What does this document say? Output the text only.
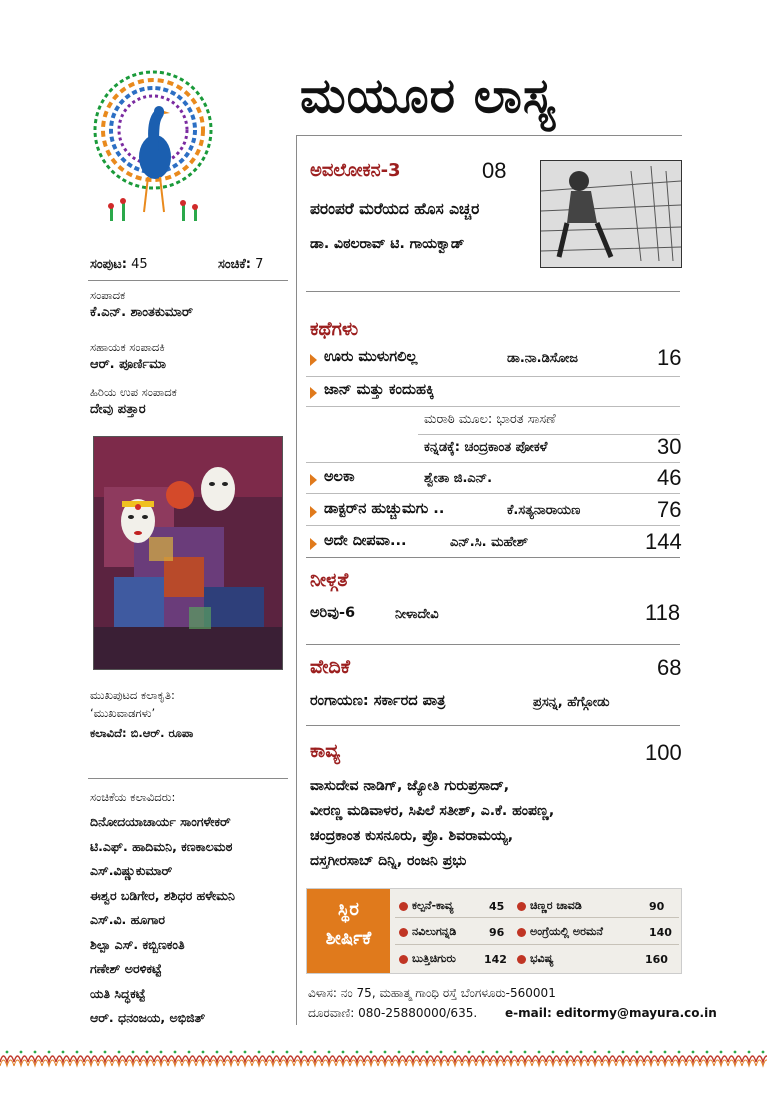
ಮಯೂರ ಲಾಸ್ಯ
ಸಂಪುಟ: 45	ಸಂಚಿಕೆ: 7
ಸಂಪಾದಕ
ಕೆ.ಎನ್. ಶಾಂತಕುಮಾರ್
ಸಹಾಯಕ ಸಂಪಾದಕಿ
ಆರ್. ಪೂರ್ಣಿಮಾ
ಹಿರಿಯ ಉಪ ಸಂಪಾದಕ
ದೇವು ಪತ್ತಾರ
ಮುಖಪುಟದ ಕಲಾಕೃತಿ:
‘ಮುಖವಾಡಗಳು’
ಕಲಾವಿದೆ: ಬಿ.ಆರ್. ರೂಪಾ
ಸಂಚಿಕೆಯ ಕಲಾವಿದರು:
ದಿನೋದಯಾಚಾರ್ಯ ಸಾಂಗಳೇಕರ್
ಟಿ.ಎಫ್. ಹಾದಿಮನಿ, ಕಣಕಾಲಮಠ
ಎಸ್.ವಿಷ್ಣುಕುಮಾರ್
ಈಶ್ವರ ಬಡಿಗೇರ, ಶಶಿಧರ ಹಳೇಮನಿ
ಎಸ್.ವಿ. ಹೂಗಾರ
ಶಿಲ್ಪಾ ಎಸ್. ಕಬ್ಬಿಣಕಂತಿ
ಗಣೇಶ್ ಅರಳಿಕಟ್ಟೆ
ಯತಿ ಸಿದ್ಧಕಟ್ಟೆ
ಆರ್. ಧನಂಜಯ, ಅಭಿಜಿತ್
ಅವಲೋಕನ-3	08
ಪರಂಪರೆ ಮರೆಯದ ಹೊಸ ಎಚ್ಚರ
ಡಾ. ವಿಠಲರಾವ್ ಟಿ. ಗಾಯಕ್ವಾಡ್
ಕಥೆಗಳು
ಊರು ಮುಳುಗಲಿಲ್ಲ	ಡಾ.ನಾ.ಡಿಸೋಜ	16
ಜಾನ್ ಮತ್ತು ಕಂದುಹಕ್ಕಿ
ಮರಾಠಿ ಮೂಲ: ಭಾರತ ಸಾಸಣೆ
ಕನ್ನಡಕ್ಕೆ: ಚಂದ್ರಕಾಂತ ಪೋಕಳೆ	30
ಅಲಕಾ	ಶ್ವೇತಾ ಜಿ.ಎನ್.	46
ಡಾಕ್ಟರ್‌ನ ಹುಚ್ಚುಮಗು ..	ಕೆ.ಸತ್ಯನಾರಾಯಣ	76
ಅದೇ ದೀಪವಾ...	ಎನ್.ಸಿ. ಮಹೇಶ್	144
ನೀಳ್ಗತೆ
ಅರಿವು-6	ನೀಳಾದೇವಿ	118
ವೇದಿಕೆ	68
ರಂಗಾಯಣ: ಸರ್ಕಾರದ ಪಾತ್ರ	ಪ್ರಸನ್ನ, ಹೆಗ್ಗೋಡು
ಕಾವ್ಯ	100
ವಾಸುದೇವ ನಾಡಿಗ್, ಜ್ಯೋತಿ ಗುರುಪ್ರಸಾದ್,
ವೀರಣ್ಣ ಮಡಿವಾಳರ, ಸಿಪಿಲೆ ಸತೀಶ್, ಎ.ಕೆ. ಹಂಪಣ್ಣ,
ಚಂದ್ರಕಾಂತ ಕುಸನೂರು, ಪ್ರೊ. ಶಿವರಾಮಯ್ಯ,
ದಸ್ತಗೀರಸಾಬ್ ದಿನ್ನಿ, ರಂಜನಿ ಪ್ರಭು
ಸ್ಥಿರ
ಶೀರ್ಷಿಕೆ
ಕಲ್ಪನೆ-ಕಾವ್ಯ	45	ಚಿಣ್ಣರ ಚಾವಡಿ	90
ನವಿಲುಗನ್ನಡಿ	96	ಅಂಗ್ರೆಯಲ್ಲಿ ಅರಮನೆ	140
ಬುತ್ತಿಚಿಗುರು	142	ಭವಿಷ್ಯ	160
ವಿಳಾಸ: ನಂ 75, ಮಹಾತ್ಮ ಗಾಂಧಿ ರಸ್ತೆ ಬೆಂಗಳೂರು-560001
ದೂರವಾಣಿ: 080-25880000/635. e-mail: editormy@mayura.co.in
